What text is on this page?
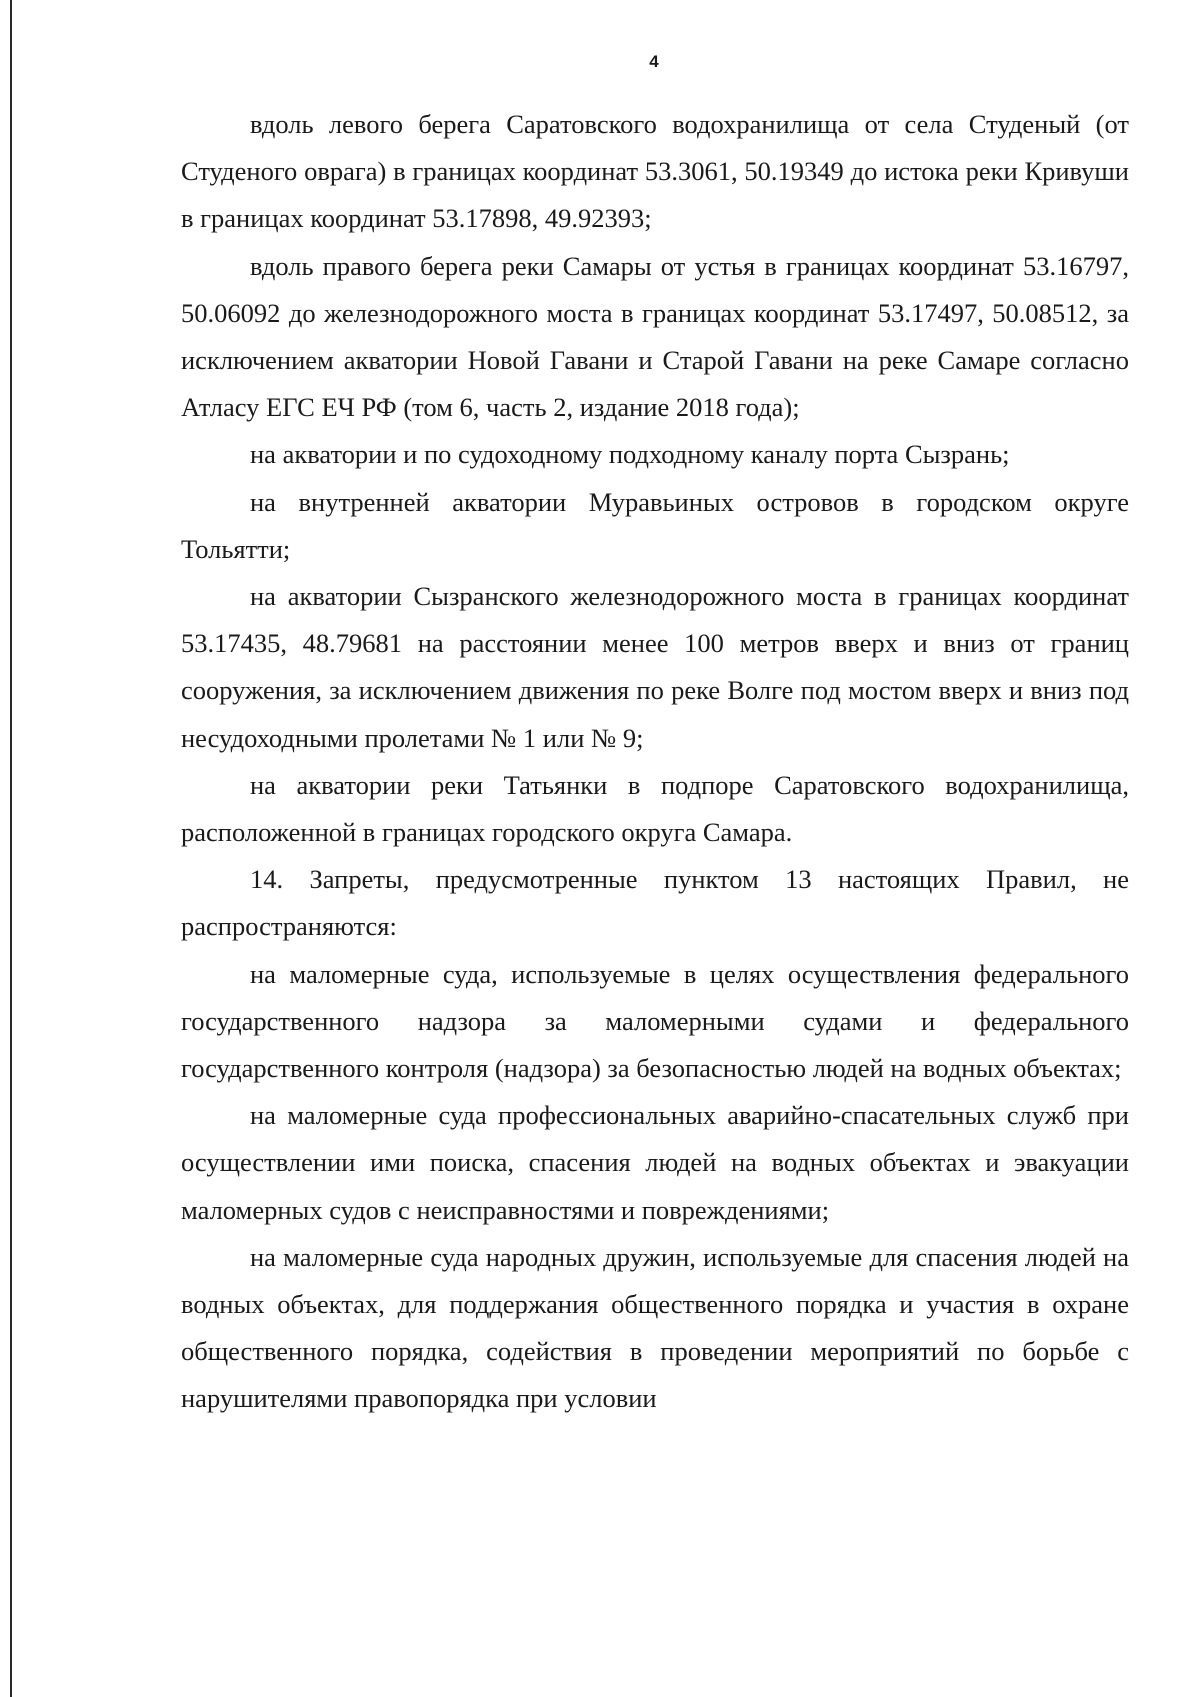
4

вдоль левого берега Саратовского водохранилища от села Студеный (от Студеного оврага) в границах координат 53.3061, 50.19349 до истока реки Кривуши в границах координат 53.17898, 49.92393;

вдоль правого берега реки Самары от устья в границах координат 53.16797, 50.06092 до железнодорожного моста в границах координат 53.17497, 50.08512, за исключением акватории Новой Гавани и Старой Гавани на реке Самаре согласно Атласу ЕГС ЕЧ РФ (том 6, часть 2, издание 2018 года);

на акватории и по судоходному подходному каналу порта Сызрань;

на внутренней акватории Муравьиных островов в городском округе Тольятти;

на акватории Сызранского железнодорожного моста в границах координат 53.17435, 48.79681 на расстоянии менее 100 метров вверх и вниз от границ сооружения, за исключением движения по реке Волге под мостом вверх и вниз под несудоходными пролетами № 1 или № 9;

на акватории реки Татьянки в подпоре Саратовского водохранилища, расположенной в границах городского округа Самара.

14. Запреты, предусмотренные пунктом 13 настоящих Правил, не распространяются:

на маломерные суда, используемые в целях осуществления федерального государственного надзора за маломерными судами и федерального государственного контроля (надзора) за безопасностью людей на водных объектах;

на маломерные суда профессиональных аварийно-спасательных служб при осуществлении ими поиска, спасения людей на водных объектах и эвакуации маломерных судов с неисправностями и повреждениями;

на маломерные суда народных дружин, используемые для спасения людей на водных объектах, для поддержания общественного порядка и участия в охране общественного порядка, содействия в проведении мероприятий по борьбе с нарушителями правопорядка при условии
